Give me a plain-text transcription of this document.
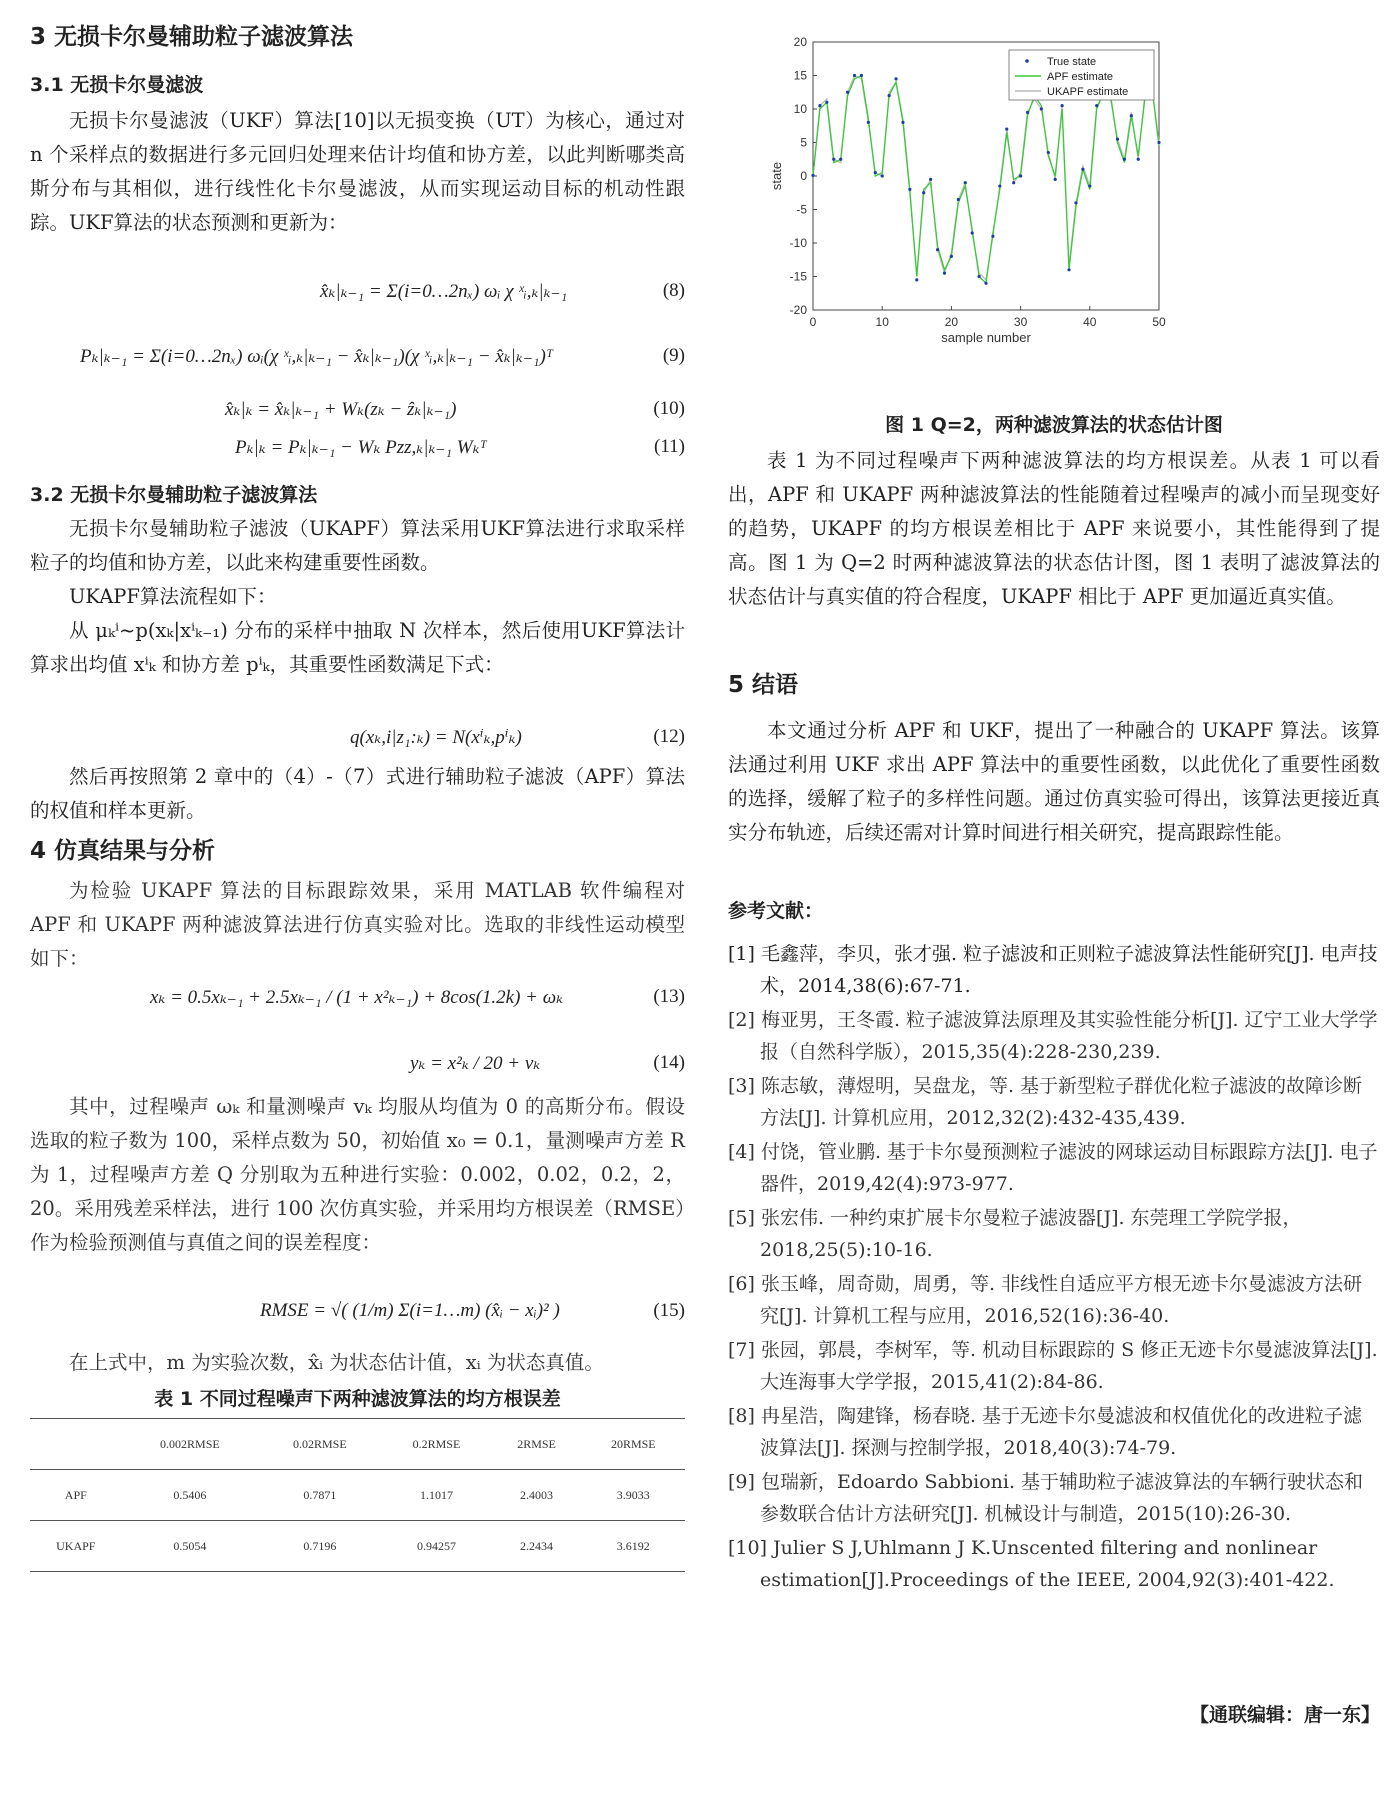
3 无损卡尔曼辅助粒子滤波算法
3.1 无损卡尔曼滤波

无损卡尔曼滤波（UKF）算法[10]以无损变换（UT）为核心，通过对 n 个采样点的数据进行多元回归处理来估计均值和协方差，以此判断哪类高斯分布与其相似，进行线性化卡尔曼滤波，从而实现运动目标的机动性跟踪。UKF算法的状态预测和更新为：

x̂ₖ|ₖ₋₁ = Σ(i=0…2nₓ) ωᵢ χ ˣᵢ,ₖ|ₖ₋₁	(8)
Pₖ|ₖ₋₁ = Σ(i=0…2nₓ) ωᵢ(χ ˣᵢ,ₖ|ₖ₋₁ − x̂ₖ|ₖ₋₁)(χ ˣᵢ,ₖ|ₖ₋₁ − x̂ₖ|ₖ₋₁)ᵀ	(9)
x̂ₖ|ₖ = x̂ₖ|ₖ₋₁ + Wₖ(zₖ − ẑₖ|ₖ₋₁)	(10)
Pₖ|ₖ = Pₖ|ₖ₋₁ − Wₖ Pzz,ₖ|ₖ₋₁ Wₖᵀ	(11)
3.2 无损卡尔曼辅助粒子滤波算法

无损卡尔曼辅助粒子滤波（UKAPF）算法采用UKF算法进行求取采样粒子的均值和协方差，以此来构建重要性函数。

UKAPF算法流程如下：

从 μₖⁱ~p(xₖ|xⁱₖ₋₁) 分布的采样中抽取 N 次样本，然后使用UKF算法计算求出均值 xⁱₖ 和协方差 pⁱₖ，其重要性函数满足下式：

q(xₖ,i|z₁:ₖ) = N(xⁱₖ,pⁱₖ)	(12)

然后再按照第 2 章中的（4）-（7）式进行辅助粒子滤波（APF）算法的权值和样本更新。

4 仿真结果与分析

为检验 UKAPF 算法的目标跟踪效果，采用 MATLAB 软件编程对 APF 和 UKAPF 两种滤波算法进行仿真实验对比。选取的非线性运动模型如下：

xₖ = 0.5xₖ₋₁ + 2.5xₖ₋₁ / (1 + x²ₖ₋₁) + 8cos(1.2k) + ωₖ	(13)
yₖ = x²ₖ / 20 + vₖ	(14)

其中，过程噪声 ωₖ 和量测噪声 vₖ 均服从均值为 0 的高斯分布。假设选取的粒子数为 100，采样点数为 50，初始值 x₀ = 0.1，量测噪声方差 R 为 1，过程噪声方差 Q 分别取为五种进行实验：0.002，0.02，0.2，2，20。采用残差采样法，进行 100 次仿真实验，并采用均方根误差（RMSE）作为检验预测值与真值之间的误差程度：

RMSE = √( (1/m) Σ(i=1…m) (x̂ᵢ − xᵢ)² )	(15)

在上式中，m 为实验次数，x̂ᵢ 为状态估计值，xᵢ 为状态真值。

表 1 不同过程噪声下两种滤波算法的均方根误差
	0.002RMSE	0.02RMSE	0.2RMSE	2RMSE	20RMSE
APF	0.5406	0.7871	1.1017	2.4003	3.9033
UKAPF	0.5054	0.7196	0.94257	2.2434	3.6192
0	10	20	30	40	50
20
15
10
5
0
-5
-10
-15
-20
sample number
state
True state
APF estimate
UKAPF estimate
图 1 Q=2，两种滤波算法的状态估计图

表 1 为不同过程噪声下两种滤波算法的均方根误差。从表 1 可以看出，APF 和 UKAPF 两种滤波算法的性能随着过程噪声的减小而呈现变好的趋势，UKAPF 的均方根误差相比于 APF 来说要小，其性能得到了提高。图 1 为 Q=2 时两种滤波算法的状态估计图，图 1 表明了滤波算法的状态估计与真实值的符合程度，UKAPF 相比于 APF 更加逼近真实值。

5 结语

本文通过分析 APF 和 UKF，提出了一种融合的 UKAPF 算法。该算法通过利用 UKF 求出 APF 算法中的重要性函数，以此优化了重要性函数的选择，缓解了粒子的多样性问题。通过仿真实验可得出，该算法更接近真实分布轨迹，后续还需对计算时间进行相关研究，提高跟踪性能。

参考文献：
[1] 毛鑫萍，李贝，张才强. 粒子滤波和正则粒子滤波算法性能研究[J]. 电声技术，2014,38(6):67-71.
[2] 梅亚男，王冬霞. 粒子滤波算法原理及其实验性能分析[J]. 辽宁工业大学学报（自然科学版），2015,35(4):228-230,239.
[3] 陈志敏，薄煜明，吴盘龙，等. 基于新型粒子群优化粒子滤波的故障诊断方法[J]. 计算机应用，2012,32(2):432-435,439.
[4] 付饶，管业鹏. 基于卡尔曼预测粒子滤波的网球运动目标跟踪方法[J]. 电子器件，2019,42(4):973-977.
[5] 张宏伟. 一种约束扩展卡尔曼粒子滤波器[J]. 东莞理工学院学报，2018,25(5):10-16.
[6] 张玉峰，周奇勋，周勇，等. 非线性自适应平方根无迹卡尔曼滤波方法研究[J]. 计算机工程与应用，2016,52(16):36-40.
[7] 张园，郭晨，李树军，等. 机动目标跟踪的 S 修正无迹卡尔曼滤波算法[J]. 大连海事大学学报，2015,41(2):84-86.
[8] 冉星浩，陶建锋，杨春晓. 基于无迹卡尔曼滤波和权值优化的改进粒子滤波算法[J]. 探测与控制学报，2018,40(3):74-79.
[9] 包瑞新，Edoardo Sabbioni. 基于辅助粒子滤波算法的车辆行驶状态和参数联合估计方法研究[J]. 机械设计与制造，2015(10):26-30.
[10] Julier S J,Uhlmann J K.Unscented filtering and nonlinear estimation[J].Proceedings of the IEEE, 2004,92(3):401-422.
【通联编辑：唐一东】
